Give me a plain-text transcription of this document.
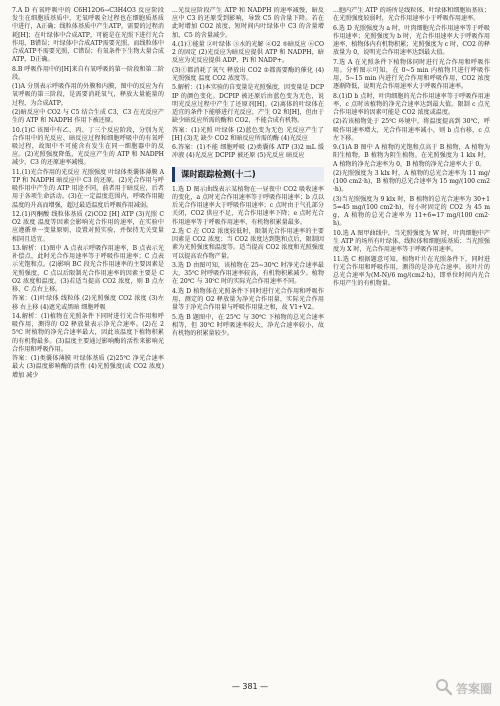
7.A D 有氧呼吸中的 C6H12O6→C3H4O3 反应阶段发生在细胞质基质中，无氧呼吸全过程也在细胞质基质中进行，A正确；线粒体基质中产生ATP，需要的过程消耗[H]；在叶绿体中合成ATP，可能是在光照下进行光合作用，B错误；叶绿体中合成ATP需要光照，而线粒体中合成ATP不需要光照，C错误；有氧条件下生物大量合成ATP，D正确。

8.B 呼吸作用中的[H]来自有氧呼吸的第一阶段和第二阶段。

(1)A 分别表示呼吸作用的外膜和内膜，图中的反应为有氧呼吸的第三阶段，是需要消耗氧气，释放大量能量的过程，为合成ATP。

(2)暗反应中 CO2 与 C5 结合生成 C3，C3 在光反应产生的 ATP 和 NADPH 作用下被还原。

10.(1)C 该图中有乙、丙、丁三个反应阶段，分别为光合作用中的光反应、暗反应过程和细胞呼吸中的有氧呼吸过程，故图中不可能含有发生在同一细胞器中的反应。(2)光照强度降低，光反应产生的 ATP 和 NADPH 减少，C3 的还原速率减慢。

11.(1)光合作用的光反应 光照强度 叶绿体类囊体薄膜 ATP 和 NADPH 暗反应中 C3 的还原。(2)光合作用与呼吸作用中产生的 ATP 用途不同，前者用于暗反应，后者用于各项生命活动。(3)在一定温度范围内，呼吸作用随温度的升高而增强，超过最适温度后呼吸作用减弱。

12.(1)丙酮酸 线粒体基质 (2)CO2 [H] ATP (3)光照 CO2 浓度 温度等因素会影响光合作用的速率，在实验中应遵循单一变量原则，设置对照实验，并保持无关变量相同且适宜。

13.解析：(1)图中 A 点表示呼吸作用速率，B 点表示光补偿点，此时光合作用速率等于呼吸作用速率；C 点表示光饱和点。(2)影响 BC 段光合作用速率的主要因素是光照强度，C 点以后限制光合作用速率的因素主要是 CO2 浓度和温度。(3)若适当提高 CO2 浓度，则 B 点左移，C 点右上移。

答案：(1)叶绿体 线粒体 (2)光照强度 CO2 浓度 (3)左移 右上移 (4)遮光或黑暗 细胞呼吸

14.解析：(1)植物在光照条件下同时进行光合作用和呼吸作用，测得的 O2 释放量表示净光合速率。(2)在 25℃ 时植物的净光合速率最大，因此该温度下植物积累的有机物最多。(3)温度主要通过影响酶的活性来影响光合作用和呼吸作用。

答案：(1)类囊体薄膜 叶绿体基质 (2)25℃ 净光合速率最大 (3)温度影响酶的活性 (4)光照强度(或 CO2 浓度) 增加 减少

...光反应阶段产生 ATP 和 NADPH 的速率减慢，暗反应中 C3 的还原受到影响，导致 C5 的含量下降。若在此时增加 CO2 浓度，短时间内叶绿体中 C3 的含量增加，C5 的含量减少。

4.(1)①能量 ②叶绿体 ③水的光解 ④O2 ⑤暗反应 ⑥CO2 的固定 (2)光反应为暗反应提供 ATP 和 NADPH，暗反应为光反应提供 ADP、Pi 和 NADP+。

(3)①都消耗了氧气 释放出 CO2 ②都需要酶的催化 (4)光照强度 温度 CO2 浓度等。

5.解析：(1)本实验的自变量是光照强度，因变量是 DCPIP 的颜色变化。DCPIP 被还原后由蓝色变为无色，说明光反应过程中产生了还原剂[H]。(2)离体的叶绿体在适宜的条件下能够进行光反应，产生 O2 和[H]，但由于缺少暗反应所需的酶和 CO2，不能合成有机物。

答案：(1)光照 叶绿体 (2)蓝色变为无色 光反应产生了[H] (3)无 缺少 CO2 和暗反应所需的酶 (4)光反应

6.答案：(1)不能 细胞呼吸 (2)类囊体 ATP (3)2 mL 缓冲液 (4)光反应 DCPIP 被还原 (5)光反应 暗反应

课时跟踪检测(十二)

1.选 D 图示曲线表示某植物在一昼夜中 CO2 吸收速率的变化，a 点时光合作用速率等于呼吸作用速率；b 点以后光合作用速率大于呼吸作用速率；c 点时由于气孔部分关闭，CO2 供应不足，光合作用速率下降；e 点时光合作用速率等于呼吸作用速率，有机物积累量最多。

2.选 C 在 CO2 浓度较低时，限制光合作用速率的主要因素是 CO2 浓度；当 CO2 浓度达到饱和点后，限制因素为光照强度和温度等。适当提高 CO2 浓度和光照强度可以提高农作物产量。

3.选 D 由图可知，该植物在 25~30℃ 时净光合速率最大，35℃ 时呼吸作用速率较高，有机物积累减少。植物在 20℃ 与 30℃ 时的实际光合作用速率不同。

4.选 D 植物体在光照条件下同时进行光合作用和呼吸作用，测定的 O2 释放量为净光合作用量，实际光合作用量等于净光合作用量与呼吸作用量之和，故 V1+V2。

5.选 B 题图中，在 25℃ 与 30℃ 下植物的总光合速率相等，但 30℃ 时呼吸速率较大，净光合速率较小，故有机物的积累量较少。

...胞内产生 ATP 的场所是线粒体、叶绿体和细胞质基质；在光照强度较弱时，光合作用速率小于呼吸作用速率。

6.选 D 光照强度为 a 时，叶肉细胞光合作用速率等于呼吸作用速率；光照强度为 b 时，光合作用速率大于呼吸作用速率，植物体内有机物积累；光照强度为 c 时，CO2 的释放量为 0，说明光合作用速率达到最大值。

7.选 A 在光照条件下植物体同时进行光合作用和呼吸作用。分析图示可知，在 0~5 min 内植物只进行呼吸作用，5~15 min 内进行光合作用和呼吸作用，CO2 浓度逐渐降低，说明光合作用速率大于呼吸作用速率。

8.(1)D b 点时，叶肉细胞的光合作用速率等于呼吸作用速率，c 点时该植物的净光合速率达到最大值。限制 c 点光合作用速率的因素可能是 CO2 浓度或温度。

(2)若该植物处于 25℃ 环境中，将温度提高到 30℃，呼吸作用速率增大，光合作用速率减小，则 b 点右移，c 点左下移。

9.(1)A B 图中 A 植物的光饱和点高于 B 植物，A 植物为阳生植物，B 植物为阴生植物。在光照强度为 1 klx 时，A 植物的净光合速率为 0，B 植物的净光合速率大于 0。

(2)光照强度为 3 klx 时，A 植物的总光合速率为 11 mg/(100 cm2·h)，B 植物的总光合速率为 15 mg/(100 cm2·h)。

(3)当光照强度为 9 klx 时，B 植物的总光合速率为 30+15=45 mg/(100 cm2·h)，每小时固定的 CO2 为 45 mg，A 植物的总光合速率为 11+6=17 mg/(100 cm2·h)。

10.选 A 图甲曲线中，当光照强度为 W 时，叶肉细胞中产生 ATP 的场所有叶绿体、线粒体和细胞质基质；当光照强度为 X 时，光合作用速率等于呼吸作用速率。

11.选 C 根据题意可知，植物叶片在光照条件下，同时进行光合作用和呼吸作用，测得的是净光合速率。该叶片的总光合速率为(M-N)/6 mg/(cm2·h)，即单位时间内光合作用产生的有机物量。

— 381 —	答案圈
